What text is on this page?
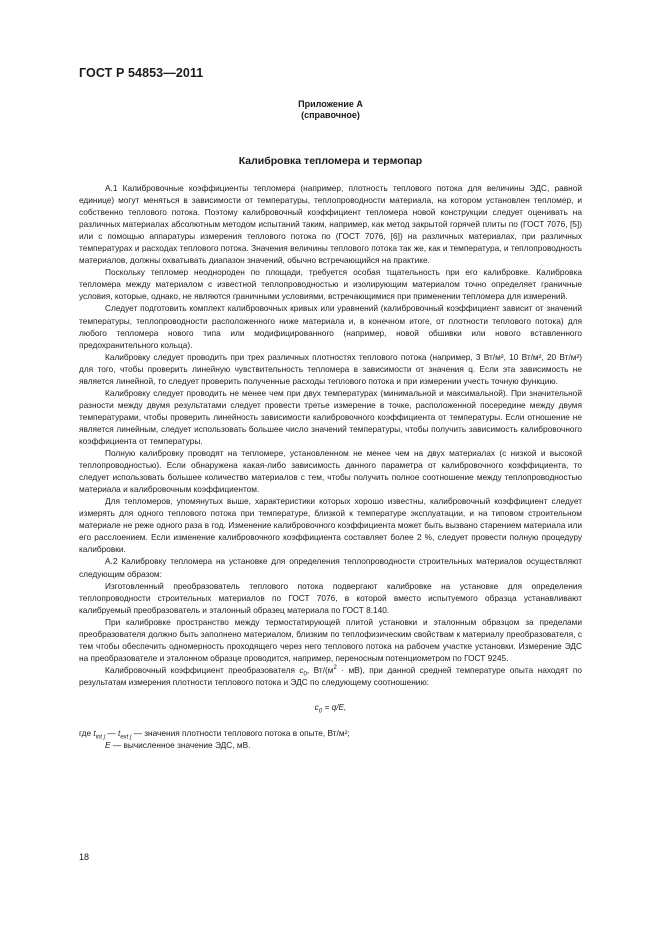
ГОСТ Р 54853—2011
Приложение А
(справочное)
Калибровка тепломера и термопар

А.1 Калибровочные коэффициенты тепломера (например, плотность теплового потока для величины ЭДС, равной единице) могут меняться в зависимости от температуры, теплопроводности материала, на котором установлен тепломер, и собственно теплового потока. Поэтому калибровочный коэффициент тепломера новой конструкции следует оценивать на различных материалах абсолютным методом испытаний таким, например, как метод закрытой горячей плиты по (ГОСТ 7076, [5]) или с помощью аппаратуры измерения теплового потока по (ГОСТ 7076, [6]) на различных материалах, при различных температурах и расходах теплового потока. Значения величины теплового потока так же, как и температура, и теплопроводность материалов, должны охватывать диапазон значений, обычно встречающийся на практике.

Поскольку тепломер неоднороден по площади, требуется особая тщательность при его калибровке. Калибровка тепломера между материалом с известной теплопроводностью и изолирующим материалом точно определяет граничные условия, которые, однако, не являются граничными условиями, встречающимися при применении тепломера для измерений.

Следует подготовить комплект калибровочных кривых или уравнений (калибровочный коэффициент зависит от значений температуры, теплопроводности расположенного ниже материала и, в конечном итоге, от плотности теплового потока) для любого тепломера нового типа или модифицированного (например, новой обшивки или нового вставленного предохранительного кольца).

Калибровку следует проводить при трех различных плотностях теплового потока (например, 3 Вт/м², 10 Вт/м², 20 Вт/м²) для того, чтобы проверить линейную чувствительность тепломера в зависимости от значения q. Если эта зависимость не является линейной, то следует проверить полученные расходы теплового потока и при измерении учесть точную функцию.

Калибровку следует проводить не менее чем при двух температурах (минимальной и максимальной). При значительной разности между двумя результатами следует провести третье измерение в точке, расположенной посередине между двумя температурами, чтобы проверить линейность зависимости калибровочного коэффициента от температуры. Если отношение не является линейным, следует использовать большее число значений температуры, чтобы получить зависимость калибровочного коэффициента от температуры.

Полную калибровку проводят на тепломере, установленном не менее чем на двух материалах (с низкой и высокой теплопроводностью). Если обнаружена какая-либо зависимость данного параметра от калибровочного коэффициента, то следует использовать большее количество материалов с тем, чтобы получить полное соотношение между теплопроводностью материала и калибровочным коэффициентом.

Для тепломеров, упомянутых выше, характеристики которых хорошо известны, калибровочный коэффициент следует измерять для одного теплового потока при температуре, близкой к температуре эксплуатации, и на типовом строительном материале не реже одного раза в год. Изменение калибровочного коэффициента может быть вызвано старением материала или его расслоением. Если изменение калибровочного коэффициента составляет более 2 %, следует провести полную процедуру калибровки.

А.2 Калибровку тепломера на установке для определения теплопроводности строительных материалов осуществляют следующим образом:

Изготовленный преобразователь теплового потока подвергают калибровке на установке для определения теплопроводности строительных материалов по ГОСТ 7076, в которой вместо испытуемого образца устанавливают калибруемый преобразователь и эталонный образец материала по ГОСТ 8.140.

При калибровке пространство между термостатирующей плитой установки и эталонным образцом за пределами преобразователя должно быть заполнено материалом, близким по теплофизическим свойствам к материалу преобразователя, с тем чтобы обеспечить одномерность проходящего через него теплового потока на рабочем участке установки. Измерение ЭДС на преобразователе и эталонном образце проводится, например, переносным потенциометром по ГОСТ 9245.

Калибровочный коэффициент преобразователя $c_0$, $Вт/(м^2 \cdot мВ)$, при данной средней температуре опыта находят по результатам измерения плотности теплового потока и ЭДС по следующему соотношению:

$c_0 = q/E$,

где $t_{int j}$ — $t_{ext j}$ — значения плотности теплового потока в опыте, Вт/м²;

E — вычисленное значение ЭДС, мВ.

18
